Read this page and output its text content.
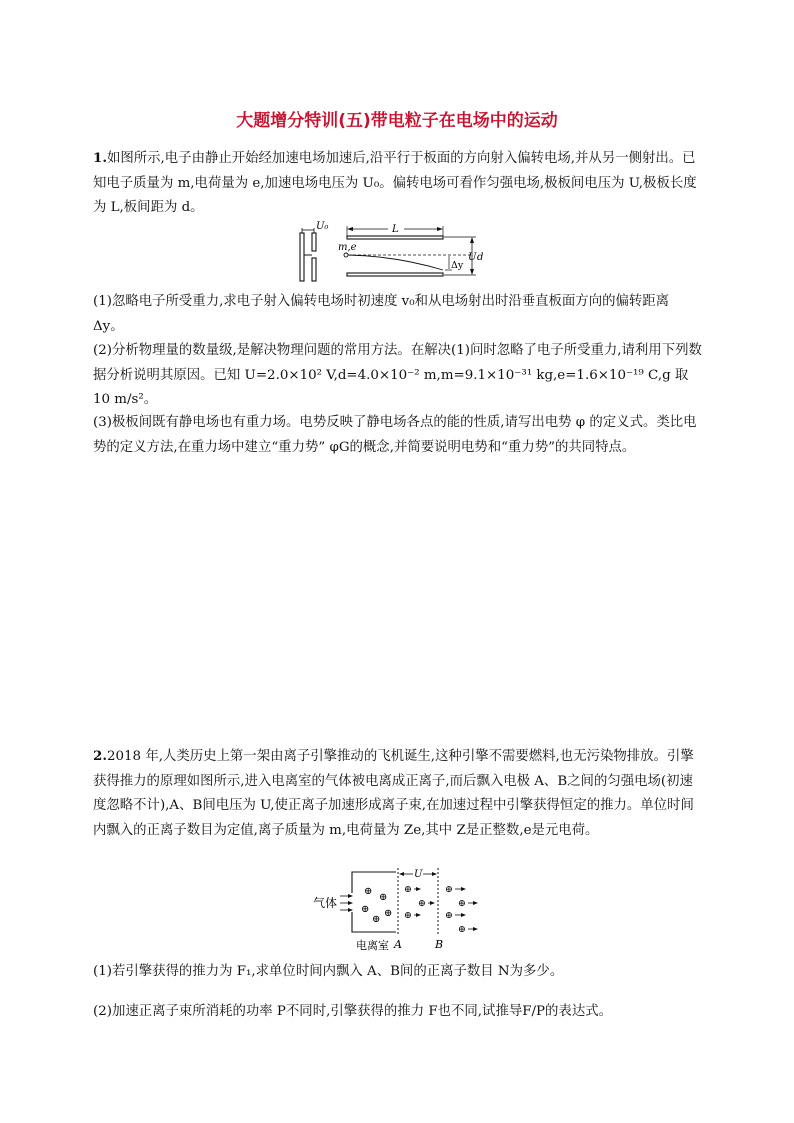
大题增分特训(五)带电粒子在电场中的运动

1.如图所示,电子由静止开始经加速电场加速后,沿平行于板面的方向射入偏转电场,并从另一侧射出。已知电子质量为 m,电荷量为 e,加速电场电压为 U₀。偏转电场可看作匀强电场,极板间电压为 U,极板长度为 L,板间距为 d。

U₀	L
m,e
U d
Δy

(1)忽略电子所受重力,求电子射入偏转电场时初速度 v₀和从电场射出时沿垂直板面方向的偏转距离 Δy。

(2)分析物理量的数量级,是解决物理问题的常用方法。在解决(1)问时忽略了电子所受重力,请利用下列数据分析说明其原因。已知 U=2.0×10² V,d=4.0×10⁻² m,m=9.1×10⁻³¹ kg,e=1.6×10⁻¹⁹ C,g 取 10 m/s²。

(3)极板间既有静电场也有重力场。电势反映了静电场各点的能的性质,请写出电势 φ 的定义式。类比电势的定义方法,在重力场中建立“重力势” φG的概念,并简要说明电势和“重力势”的共同特点。

2.2018 年,人类历史上第一架由离子引擎推动的飞机诞生,这种引擎不需要燃料,也无污染物排放。引擎获得推力的原理如图所示,进入电离室的气体被电离成正离子,而后飘入电极 A、B之间的匀强电场(初速度忽略不计),A、B间电压为 U,使正离子加速形成离子束,在加速过程中引擎获得恒定的推力。单位时间内飘入的正离子数目为定值,离子质量为 m,电荷量为 Ze,其中 Z是正整数,e是元电荷。

气体
⊕
⊕
⊕
⊕
⊕
A
电离室	B
U
⊕
⊕
⊕
⊕
⊕
⊕
⊕

(1)若引擎获得的推力为 F₁,求单位时间内飘入 A、B间的正离子数目 N为多少。

(2)加速正离子束所消耗的功率 P不同时,引擎获得的推力 F也不同,试推导F/P的表达式。
